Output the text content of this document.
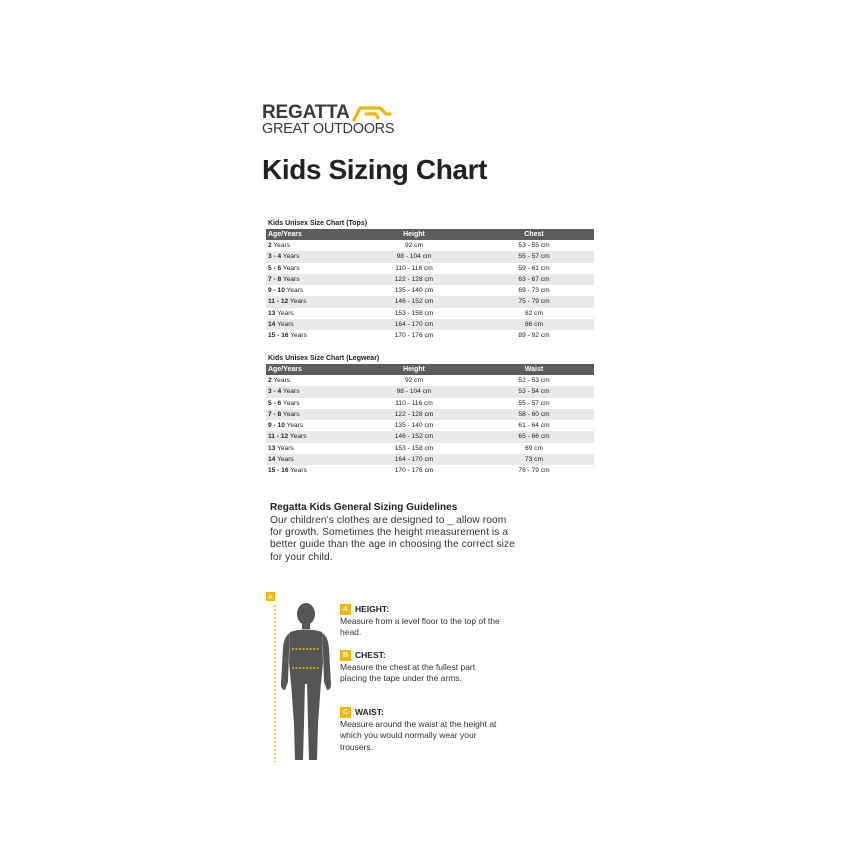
REGATTA
GREAT OUTDOORS
Kids Sizing Chart
Kids Unisex Size Chart (Tops)
Age/Years	Height	Chest
2 Years	92 cm	53 - 55 cm
3 - 4 Years	98 - 104 cm	55 - 57 cm
5 - 6 Years	110 - 116 cm	59 - 61 cm
7 - 8 Years	122 - 128 cm	63 - 67 cm
9 - 10 Years	135 - 140 cm	69 - 73 cm
11 - 12 Years	146 - 152 cm	75 - 79 cm
13 Years	153 - 158 cm	82 cm
14 Years	164 - 170 cm	86 cm
15 - 16 Years	170 - 176 cm	89 - 92 cm
Kids Unisex Size Chart (Legwear)
Age/Years	Height	Waist
2 Years	92 cm	52 - 53 cm
3 - 4 Years	98 - 104 cm	53 - 54 cm
5 - 6 Years	110 - 116 cm	55 - 57 cm
7 - 8 Years	122 - 128 cm	58 - 60 cm
9 - 10 Years	135 - 140 cm	61 - 64 cm
11 - 12 Years	146 - 152 cm	65 - 66 cm
13 Years	153 - 158 cm	69 cm
14 Years	164 - 170 cm	73 cm
15 - 16 Years	170 - 176 cm	76 - 79 cm

Regatta Kids General Sizing Guidelines

Our children's clothes are designed to _ allow room for growth. Sometimes the height measurement is a better guide than the age in choosing the correct size for your child.

A
A HEIGHT:
Measure from a level floor to the top of the head.
B CHEST:
Measure the chest at the fullest part placing the tape under the arms.
C WAIST:
Measure around the waist at the height at which you would normally wear your trousers.
